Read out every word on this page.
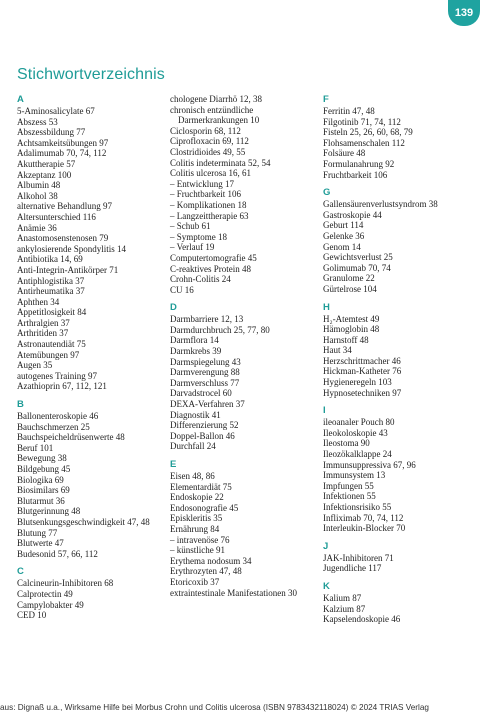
139
Stichwortverzeichnis
A
5-Aminosalicylate 67
Abszess 53
Abszessbildung 77
Achtsamkeitsübungen 97
Adalimumab 70, 74, 112
Akuttherapie 57
Akzeptanz 100
Albumin 48
Alkohol 38
alternative Behandlung 97
Altersunterschied 116
Anämie 36
Anastomosenstenosen 79
ankylosierende Spondylitis 14
Antibiotika 14, 69
Anti-Integrin-Antikörper 71
Antiphlogistika 37
Antirheumatika 37
Aphthen 34
Appetitlosigkeit 84
Arthralgien 37
Arthritiden 37
Astronautendiät 75
Atemübungen 97
Augen 35
autogenes Training 97
Azathioprin 67, 112, 121
B
Ballonenteroskopie 46
Bauchschmerzen 25
Bauchspeicheldrüsenwerte 48
Beruf 101
Bewegung 38
Bildgebung 45
Biologika 69
Biosimilars 69
Blutarmut 36
Blutgerinnung 48
Blutsenkungsgeschwindigkeit 47, 48
Blutung 77
Blutwerte 47
Budesonid 57, 66, 112
C
Calcineurin-Inhibitoren 68
Calprotectin 49
Campylobakter 49
CED 10
chologene Diarrhö 12, 38
chronisch entzündliche Darmerkrankungen 10
Ciclosporin 68, 112
Ciprofloxacin 69, 112
Clostridioides 49, 55
Colitis indeterminata 52, 54
Colitis ulcerosa 16, 61
– Entwicklung 17
– Fruchtbarkeit 106
– Komplikationen 18
– Langzeittherapie 63
– Schub 61
– Symptome 18
– Verlauf 19
Computertomografie 45
C-reaktives Protein 48
Crohn-Colitis 24
CU 16
D
Darmbarriere 12, 13
Darmdurchbruch 25, 77, 80
Darmflora 14
Darmkrebs 39
Darmspiegelung 43
Darmverengung 88
Darmverschluss 77
Darvadstrocel 60
DEXA-Verfahren 37
Diagnostik 41
Differenzierung 52
Doppel-Ballon 46
Durchfall 24
E
Eisen 48, 86
Elementardiät 75
Endoskopie 22
Endosonografie 45
Episkleritis 35
Ernährung 84
– intravenöse 76
– künstliche 91
Erythema nodosum 34
Erythrozyten 47, 48
Etoricoxib 37
extraintestinale Manifestationen 30
F
Ferritin 47, 48
Filgotinib 71, 74, 112
Fisteln 25, 26, 60, 68, 79
Flohsamenschalen 112
Folsäure 48
Formulanahrung 92
Fruchtbarkeit 106
G
Gallensäurenverlustsyndrom 38
Gastroskopie 44
Geburt 114
Gelenke 36
Genom 14
Gewichtsverlust 25
Golimumab 70, 74
Granulome 22
Gürtelrose 104
H
H₂-Atemtest 49
Hämoglobin 48
Harnstoff 48
Haut 34
Herzschrittmacher 46
Hickman-Katheter 76
Hygieneregeln 103
Hypnosetechniken 97
I
ileoanaler Pouch 80
Ileokoloskopie 43
Ileostoma 90
Ileozökalklappe 24
Immunsuppressiva 67, 96
Immunsystem 13
Impfungen 55
Infektionen 55
Infektionsrisiko 55
Infliximab 70, 74, 112
Interleukin-Blocker 70
J
JAK-Inhibitoren 71
Jugendliche 117
K
Kalium 87
Kalzium 87
Kapselendoskopie 46
aus: Dignaß u.a., Wirksame Hilfe bei Morbus Crohn und Colitis ulcerosa (ISBN 9783432118024) © 2024 TRIAS Verlag
